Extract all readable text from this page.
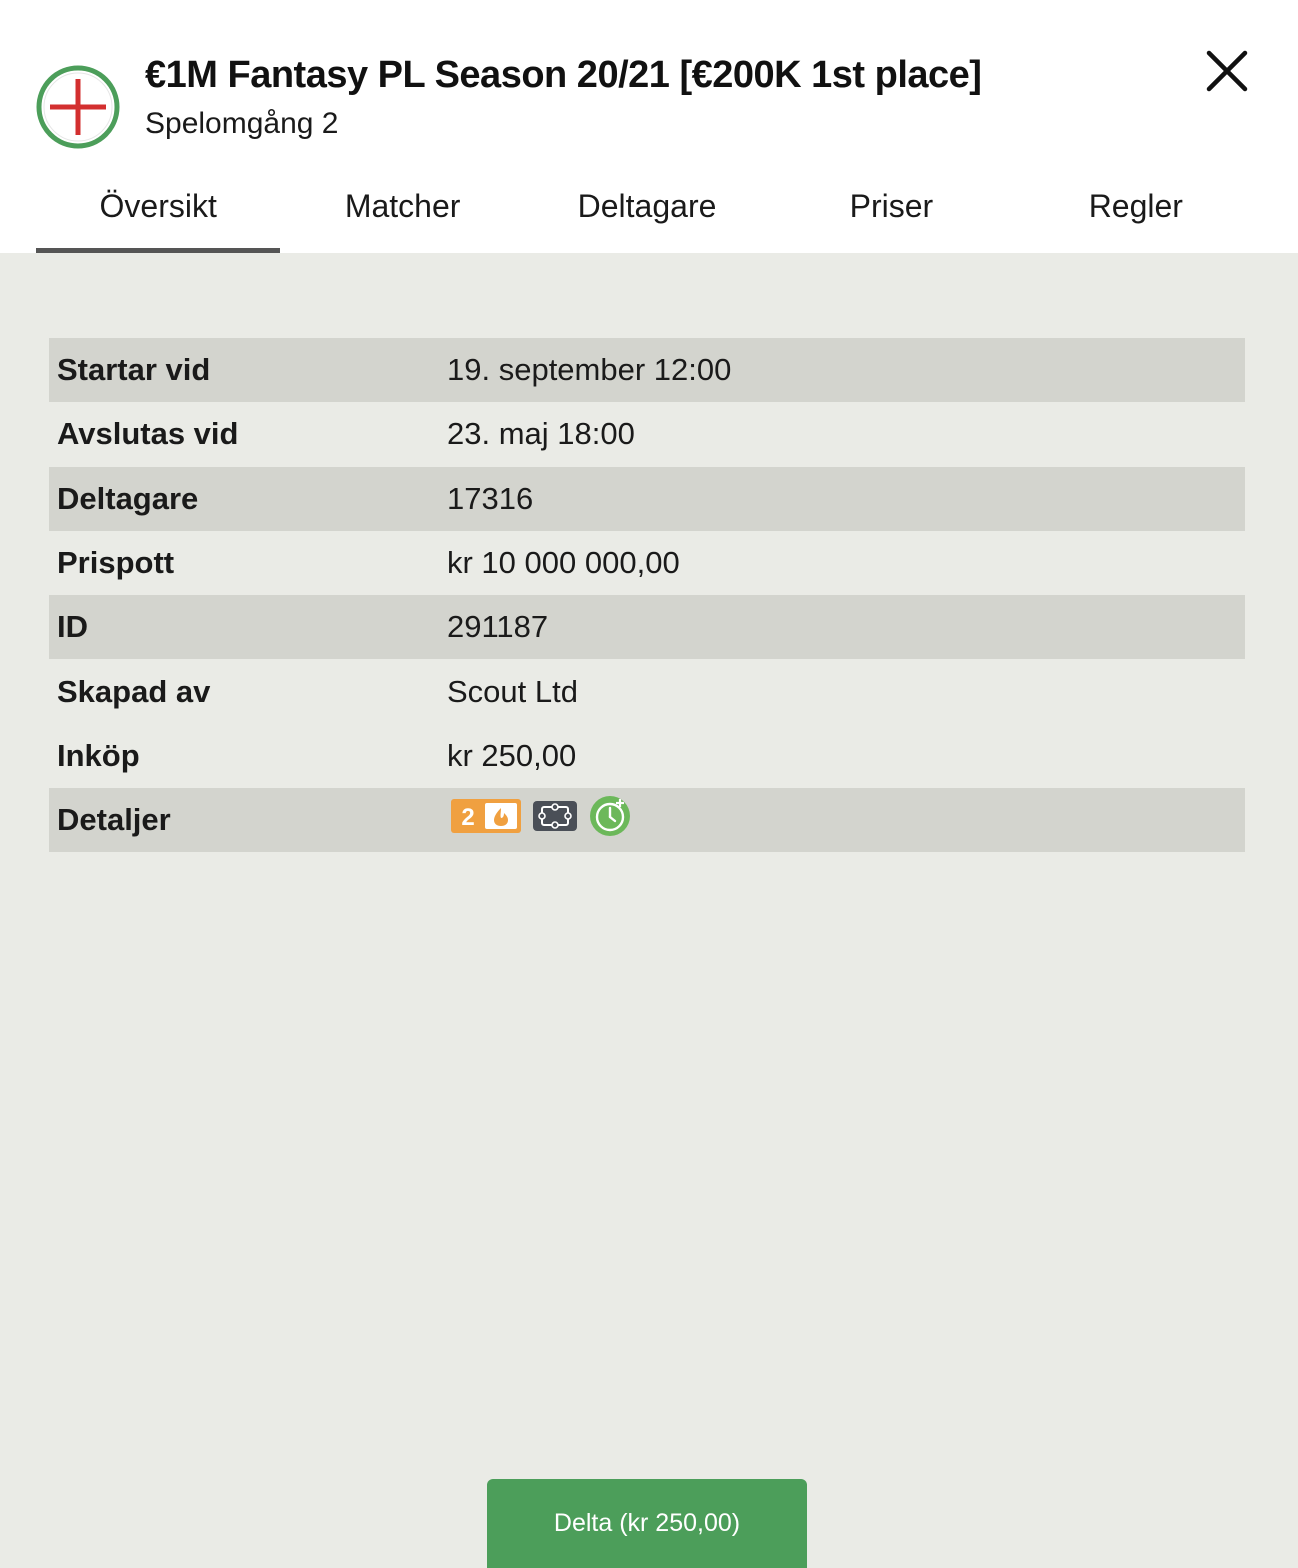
€1M Fantasy PL Season 20/21 [€200K 1st place]
Spelomgång 2
Översikt	Matcher	Deltagare	Priser	Regler
Startar vid	19. september 12:00
Avslutas vid	23. maj 18:00
Deltagare	17316
Prispott	kr 10 000 000,00
ID	291187
Skapad av	Scout Ltd
Inköp	kr 250,00
Detaljer	2
Delta (kr 250,00)
